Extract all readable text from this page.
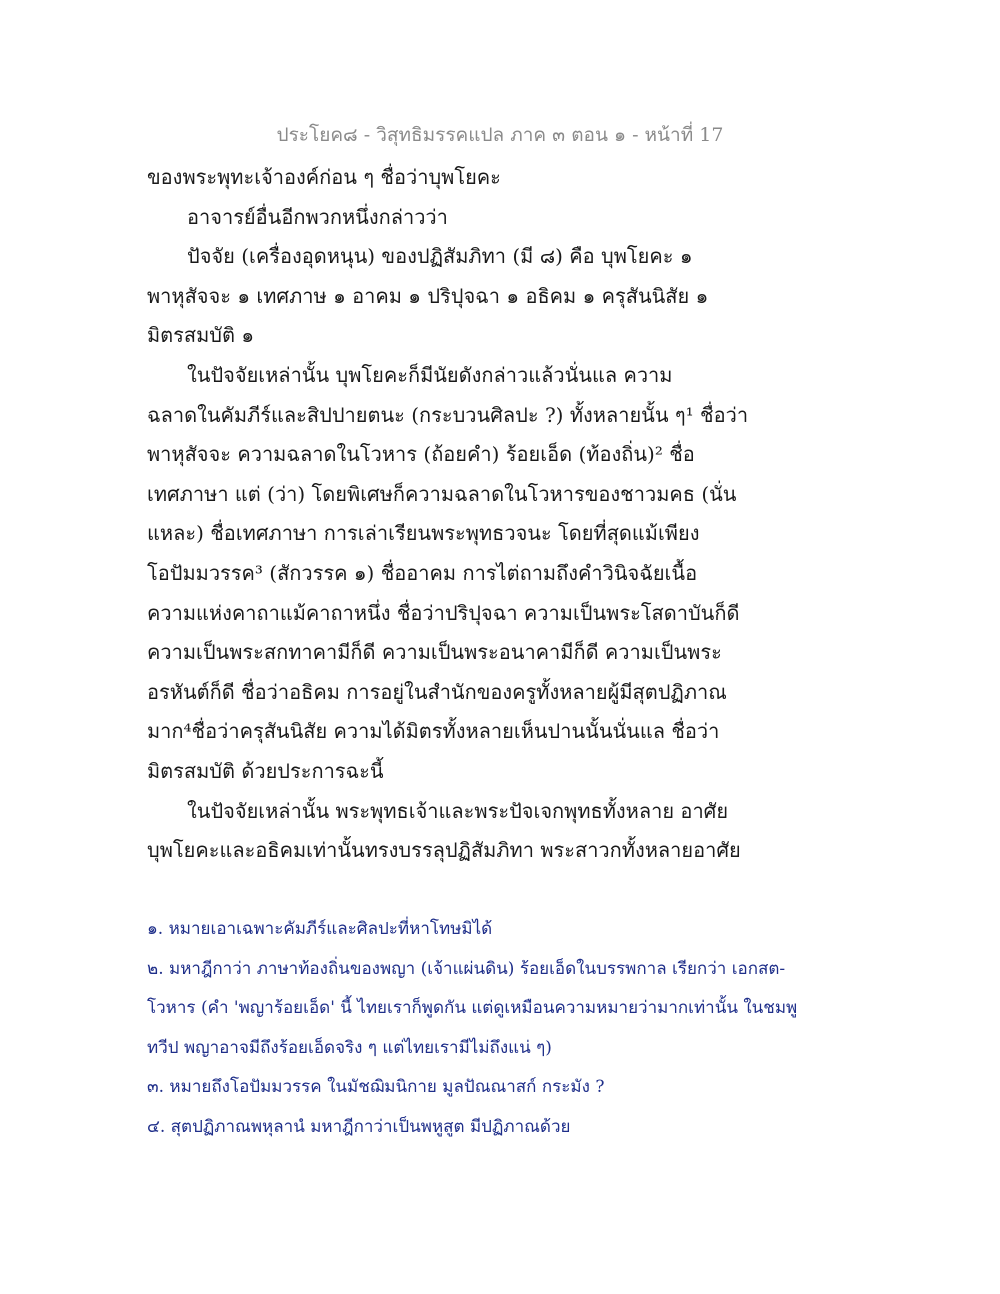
ประโยค๘ - วิสุทธิมรรคแปล ภาค ๓ ตอน ๑ - หน้าที่ 17
ของพระพุทะเจ้าองค์ก่อน ๆ ชื่อว่าบุพโยคะ
อาจารย์อื่นอีกพวกหนึ่งกล่าวว่า
ปัจจัย (เครื่องอุดหนุน) ของปฏิสัมภิทา (มี ๘) คือ บุพโยคะ ๑
พาหุสัจจะ ๑ เทศภาษ ๑ อาคม ๑ ปริปุจฉา ๑ อธิคม ๑ ครุสันนิสัย ๑
มิตรสมบัติ ๑
ในปัจจัยเหล่านั้น บุพโยคะก็มีนัยดังกล่าวแล้วนั่นแล ความ
ฉลาดในคัมภีร์และสิปปายตนะ (กระบวนศิลปะ ?) ทั้งหลายนั้น ๆ¹ ชื่อว่า
พาหุสัจจะ ความฉลาดในโวหาร (ถ้อยคำ) ร้อยเอ็ด (ท้องถิ่น)² ชื่อ
เทศภาษา แต่ (ว่า) โดยพิเศษก็ความฉลาดในโวหารของชาวมคธ (นั่น
แหละ) ชื่อเทศภาษา การเล่าเรียนพระพุทธวจนะ โดยที่สุดแม้เพียง
โอปัมมวรรค³ (สักวรรค ๑) ชื่ออาคม การไต่ถามถึงคำวินิจฉัยเนื้อ
ความแห่งคาถาแม้คาถาหนึ่ง ชื่อว่าปริปุจฉา ความเป็นพระโสดาบันก็ดี
ความเป็นพระสกทาคามีก็ดี ความเป็นพระอนาคามีก็ดี ความเป็นพระ
อรหันต์ก็ดี ชื่อว่าอธิคม การอยู่ในสำนักของครูทั้งหลายผู้มีสุตปฏิภาณ
มาก⁴ชื่อว่าครุสันนิสัย ความได้มิตรทั้งหลายเห็นปานนั้นนั่นแล ชื่อว่า
มิตรสมบัติ ด้วยประการฉะนี้
ในปัจจัยเหล่านั้น พระพุทธเจ้าและพระปัจเจกพุทธทั้งหลาย อาศัย
บุพโยคะและอธิคมเท่านั้นทรงบรรลุปฏิสัมภิทา พระสาวกทั้งหลายอาศัย
๑. หมายเอาเฉพาะคัมภีร์และศิลปะที่หาโทษมิได้
๒. มหาฎีกาว่า ภาษาท้องถิ่นของพญา (เจ้าแผ่นดิน) ร้อยเอ็ดในบรรพกาล เรียกว่า เอกสต-
โวหาร (คำ 'พญาร้อยเอ็ด' นี้ ไทยเราก็พูดกัน แต่ดูเหมือนความหมายว่ามากเท่านั้น ในชมพู
ทวีป พญาอาจมีถึงร้อยเอ็ดจริง ๆ แต่ไทยเรามีไม่ถึงแน่ ๆ)
๓. หมายถึงโอปัมมวรรค ในมัชฌิมนิกาย มูลปัณณาสก์ กระมัง ?
๔. สุตปฏิภาณพหุลานํ มหาฎีกาว่าเป็นพหูสูต มีปฏิภาณด้วย
